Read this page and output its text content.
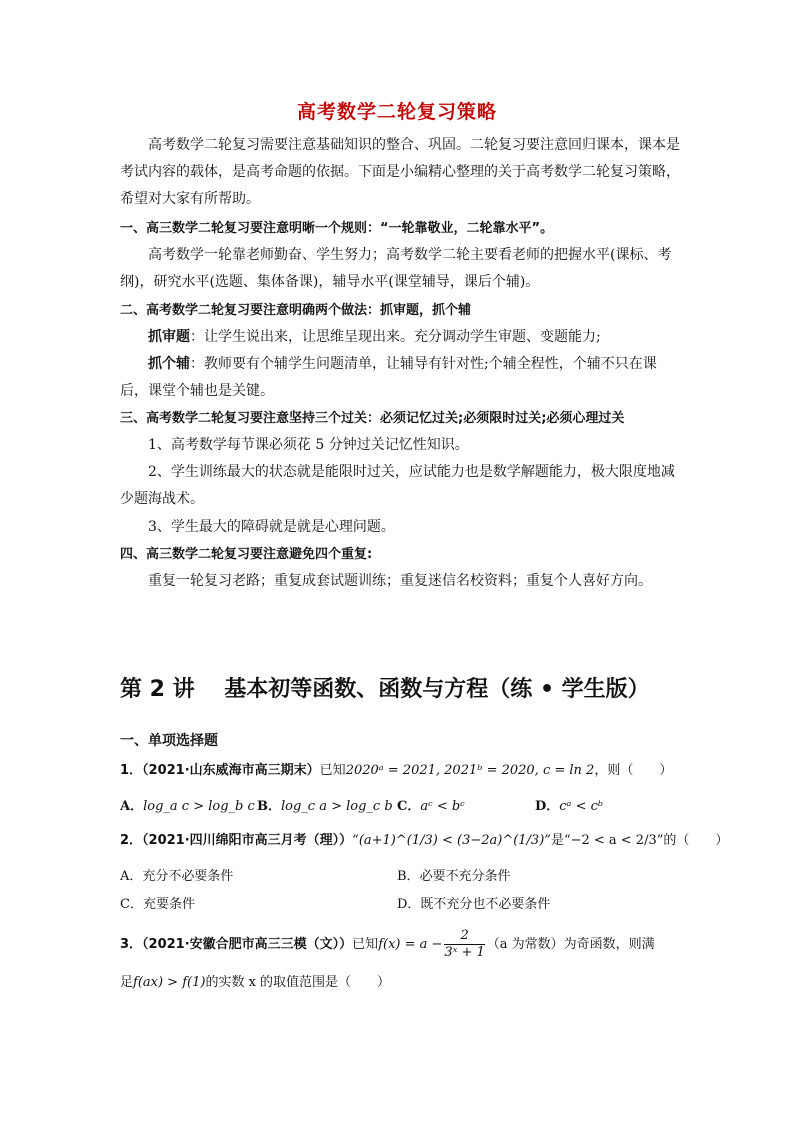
高考数学二轮复习策略
高考数学二轮复习需要注意基础知识的整合、巩固。二轮复习要注意回归课本，课本是考试内容的载体，是高考命题的依据。下面是小编精心整理的关于高考数学二轮复习策略，希望对大家有所帮助。
一、高三数学二轮复习要注意明晰一个规则：“一轮靠敬业，二轮靠水平”。
高考数学一轮靠老师勤奋、学生努力；高考数学二轮主要看老师的把握水平(课标、考纲)，研究水平(选题、集体备课)，辅导水平(课堂辅导，课后个辅)。
二、高考数学二轮复习要注意明确两个做法：抓审题，抓个辅
抓审题：让学生说出来，让思维呈现出来。充分调动学生审题、变题能力;
抓个辅：教师要有个辅学生问题清单，让辅导有针对性;个辅全程性，个辅不只在课后，课堂个辅也是关键。
三、高考数学二轮复习要注意坚持三个过关：必须记忆过关;必须限时过关;必须心理过关
1、高考数学每节课必须花 5 分钟过关记忆性知识。
2、学生训练最大的状态就是能限时过关，应试能力也是数学解题能力，极大限度地减少题海战术。
3、学生最大的障碍就是就是心理问题。
四、高三数学二轮复习要注意避免四个重复:
重复一轮复习老路；重复成套试题训练；重复迷信名校资料；重复个人喜好方向。
第 2 讲　 基本初等函数、函数与方程（练 • 学生版）
一、单项选择题
1．（2021·山东威海市高三期末）已知2020ᵃ = 2021, 2021ᵇ = 2020, c = ln 2，则（　　）
A．log_a c > log_b c B．log_c a > log_c b C．aᶜ < bᶜ	D．cᵃ < cᵇ
2．（2021·四川绵阳市高三月考（理））“(a+1)^(1/3) < (3−2a)^(1/3)”是“−2 < a < 2/3”的（　　）
A．充分不必要条件	B．必要不充分条件
C．充要条件	D．既不充分也不必要条件
3．（2021·安徽合肥市高三三模（文））已知$f(x) = a - \frac{2}{\text{3ˣ + 1}} (a$ 为常数）为奇函数，则满
足f(ax) > f(1)的实数 x 的取值范围是（　　）
